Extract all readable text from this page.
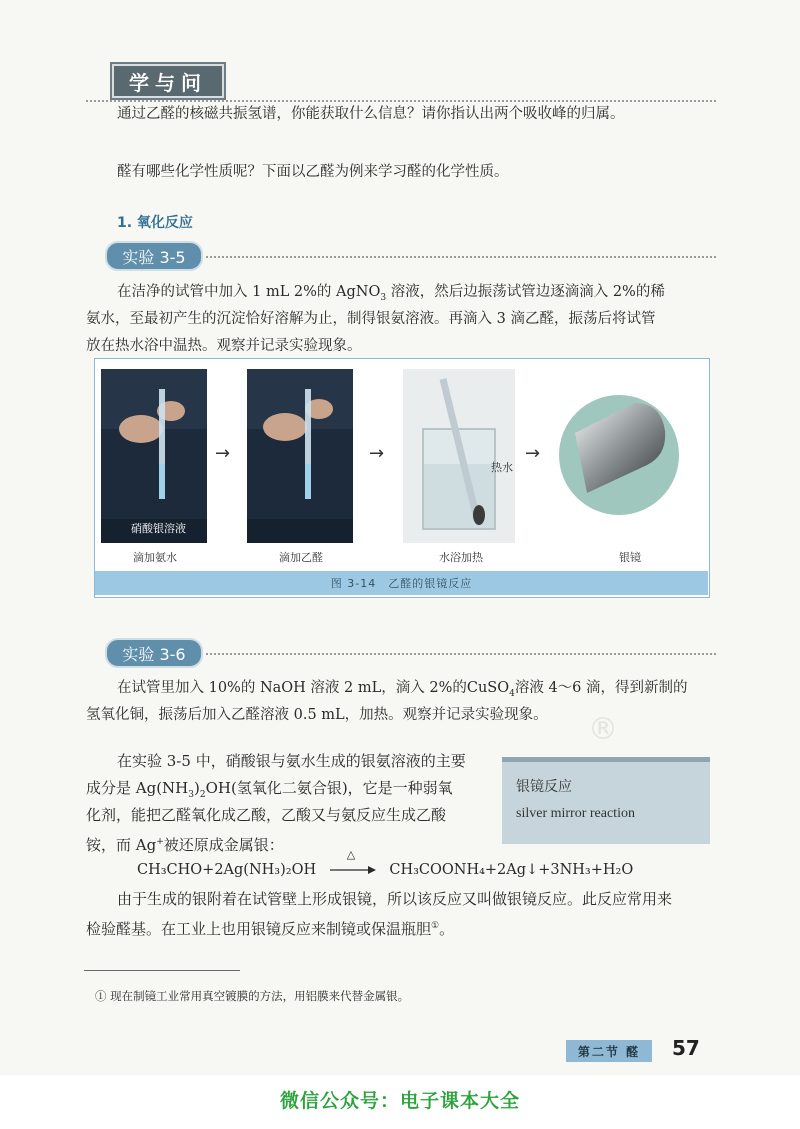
学与问
通过乙醛的核磁共振氢谱，你能获取什么信息？请你指认出两个吸收峰的归属。
醛有哪些化学性质呢？下面以乙醛为例来学习醛的化学性质。
1. 氧化反应
实验 3-5
在洁净的试管中加入 1 mL 2%的 AgNO$_3$ 溶液，然后边振荡试管边逐滴滴入 2%的稀
氨水，至最初产生的沉淀恰好溶解为止，制得银氨溶液。再滴入 3 滴乙醛，振荡后将试管
放在热水浴中温热。观察并记录实验现象。
硝酸银溶液
滴加氨水
→
滴加乙醛
→
热水
水浴加热
→
银镜
图 3-14　乙醛的银镜反应
实验 3-6
在试管里加入 10%的 NaOH 溶液 2 mL，滴入 2%的CuSO$_4$溶液 4～6 滴，得到新制的
氢氧化铜，振荡后加入乙醛溶液 0.5 mL，加热。观察并记录实验现象。 ®
在实验 3-5 中，硝酸银与氨水生成的银氨溶液的主要
成分是 $Ag(NH_3)_2OH$(氢氧化二氨合银)，它是一种弱氧
化剂，能把乙醛氧化成乙酸，乙酸又与氨反应生成乙酸
铵，而 Ag+被还原成金属银：
银镜反应
silver mirror reaction
CH₃CHO+2Ag(NH₃)₂OH
△
CH₃COONH₄+2Ag↓+3NH₃+H₂O
由于生成的银附着在试管壁上形成银镜，所以该反应又叫做银镜反应。此反应常用来
检验醛基。在工业上也用银镜反应来制镜或保温瓶胆①。
① 现在制镜工业常用真空镀膜的方法，用铝膜来代替金属银。
第二节 醛	57
微信公众号：电子课本大全
